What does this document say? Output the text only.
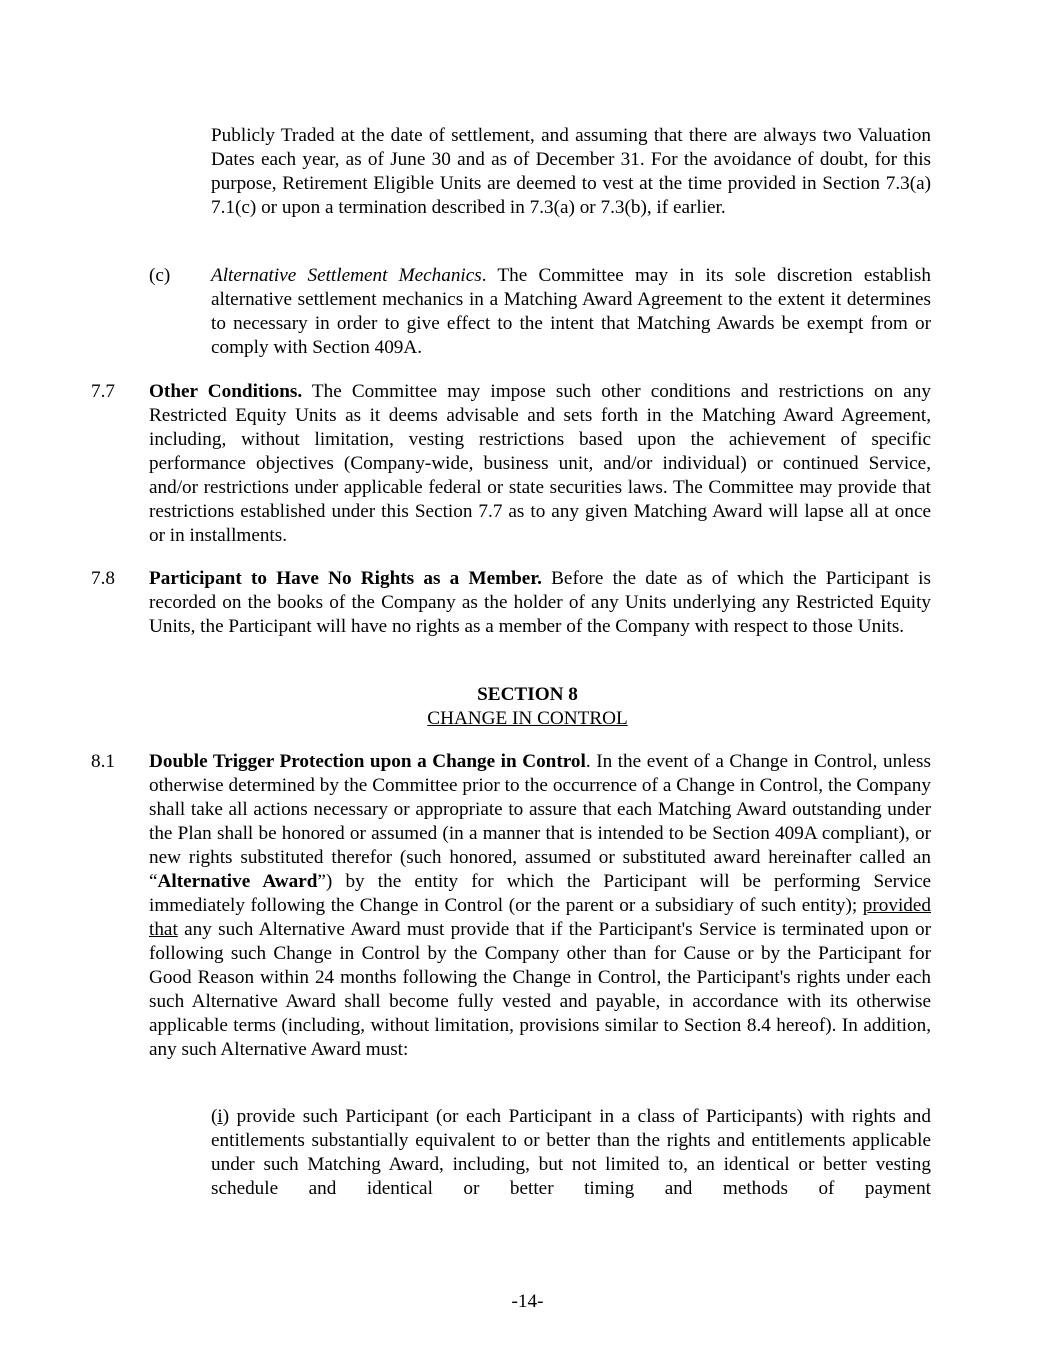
Publicly Traded at the date of settlement, and assuming that there are always two Valuation Dates each year, as of June 30 and as of December 31. For the avoidance of doubt, for this purpose, Retirement Eligible Units are deemed to vest at the time provided in Section 7.3(a) 7.1(c) or upon a termination described in 7.3(a) or 7.3(b), if earlier.

(c) Alternative Settlement Mechanics. The Committee may in its sole discretion establish alternative settlement mechanics in a Matching Award Agreement to the extent it determines to necessary in order to give effect to the intent that Matching Awards be exempt from or comply with Section 409A.

7.7 Other Conditions. The Committee may impose such other conditions and restrictions on any Restricted Equity Units as it deems advisable and sets forth in the Matching Award Agreement, including, without limitation, vesting restrictions based upon the achievement of specific performance objectives (Company-wide, business unit, and/or individual) or continued Service, and/or restrictions under applicable federal or state securities laws. The Committee may provide that restrictions established under this Section 7.7 as to any given Matching Award will lapse all at once or in installments.

7.8 Participant to Have No Rights as a Member. Before the date as of which the Participant is recorded on the books of the Company as the holder of any Units underlying any Restricted Equity Units, the Participant will have no rights as a member of the Company with respect to those Units.

SECTION 8
CHANGE IN CONTROL
8.1 Double Trigger Protection upon a Change in Control. In the event of a Change in Control, unless otherwise determined by the Committee prior to the occurrence of a Change in Control, the Company shall take all actions necessary or appropriate to assure that each Matching Award outstanding under the Plan shall be honored or assumed (in a manner that is intended to be Section 409A compliant), or new rights substituted therefor (such honored, assumed or substituted award hereinafter called an “Alternative Award”) by the entity for which the Participant will be performing Service immediately following the Change in Control (or the parent or a subsidiary of such entity); provided that any such Alternative Award must provide that if the Participant's Service is terminated upon or following such Change in Control by the Company other than for Cause or by the Participant for Good Reason within 24 months following the Change in Control, the Participant's rights under each such Alternative Award shall become fully vested and payable, in accordance with its otherwise applicable terms (including, without limitation, provisions similar to Section 8.4 hereof). In addition, any such Alternative Award must:

(i) provide such Participant (or each Participant in a class of Participants) with rights and entitlements substantially equivalent to or better than the rights and entitlements applicable under such Matching Award, including, but not limited to, an identical or better vesting schedule and identical or better timing and methods of payment

-14-
